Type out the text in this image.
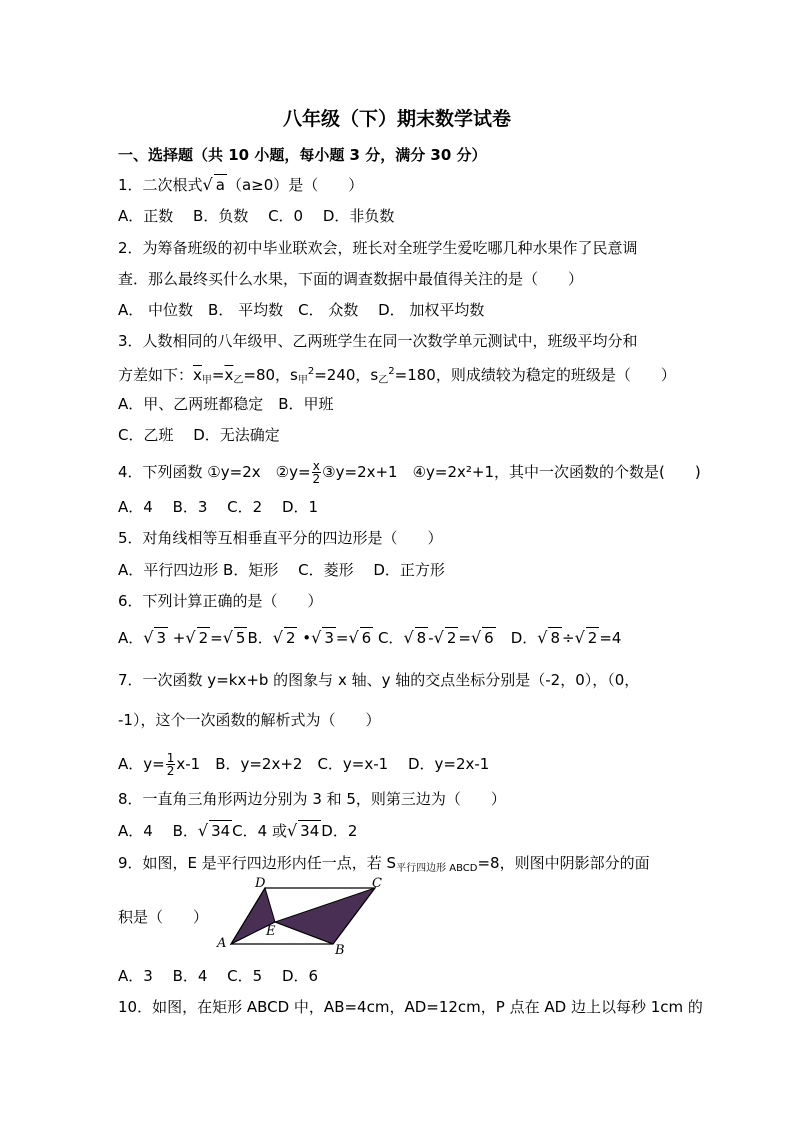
八年级（下）期末数学试卷
一、选择题（共 10 小题，每小题 3 分，满分 30 分）
1．二次根式√ a （a≥0）是（　　）
A．正数　 B．负数　 C．0　 D．非负数
2．为筹备班级的初中毕业联欢会，班长对全班学生爱吃哪几种水果作了民意调
查．那么最终买什么水果，下面的调查数据中最值得关注的是（　　）
A． 中位数　B． 平均数　C． 众数　 D． 加权平均数
3．人数相同的八年级甲、乙两班学生在同一次数学单元测试中，班级平均分和
方差如下：$\overline{x}_甲=\overline{x}_乙=80$，$s_甲^2=240$，$s_乙^2=180$，则成绩较为稳定的班级是（　　）
A．甲、乙两班都稳定　B．甲班
C．乙班　 D．无法确定
4．下列函数 ①y=2x　②y= $\frac{x}{2}$ ③y=2x+1　④y=2x²+1，其中一次函数的个数是(　　)
A．4　 B．3　 C．2　 D．1
5．对角线相等互相垂直平分的四边形是（　　）
A．平行四边形 B．矩形　 C．菱形　 D．正方形
6．下列计算正确的是（　　）
A．√ 3 +√ 2 =√ 5 B．√ 2 •√ 3 =√ 6 C．√ 8 -√ 2 =√ 6　D．√ 8 ÷√ 2 =4
7．一次函数 y=kx+b 的图象与 x 轴、y 轴的交点坐标分别是（-2，0），（0，
-1），这个一次函数的解析式为（　　）
A．$y= \frac{1}{2} x-1$　B．y=2x+2　C．y=x-1　 D．y=2x-1
8．一直角三角形两边分别为 3 和 5，则第三边为（　　）
A．4　 B．√ 34 C．4 或√ 34 D．2
9．如图，E 是平行四边形内任一点，若 $S_{平行四边形 ABCD}=8$，则图中阴影部分的面
积是（　　）
A	B
C
D
E
A．3　 B．4　 C．5　 D．6
10．如图，在矩形 ABCD 中，AB=4cm，AD=12cm，P 点在 AD 边上以每秒 1cm 的
